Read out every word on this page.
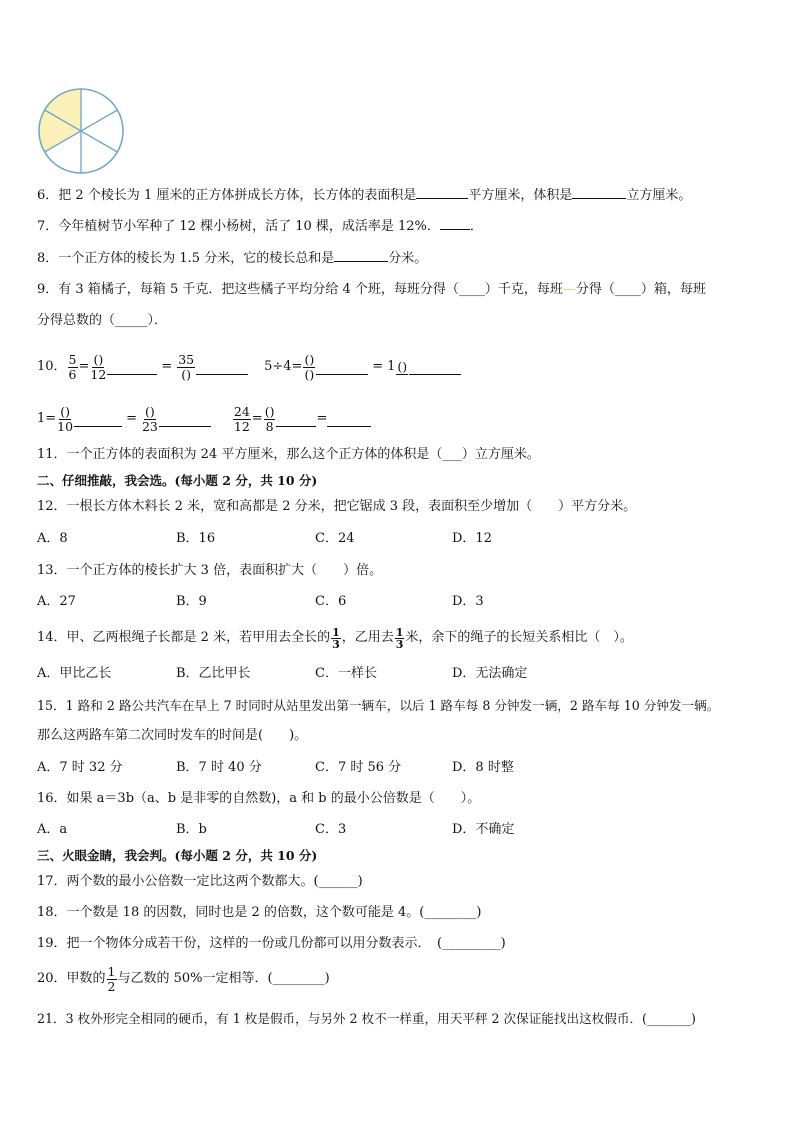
6．把 2 个棱长为 1 厘米的正方体拼成长方体，长方体的表面积是	平方厘米，体积是	立方厘米。
7．今年植树节小军种了 12 棵小杨树，活了 10 棵，成活率是 12%． ．
8．一个正方体的棱长为 1.5 分米，它的棱长总和是	分米。
9．有 3 箱橘子，每箱 5 千克．把这些橘子平均分给 4 个班，每班分得（____）千克，每班—分得（____）箱，每班
分得总数的（_____）．
10． $\frac{5}{6} = \frac{()}{12}$	= $\frac{35}{()}$	$5\div 4= \frac{()}{()}$	= 1 ()
$1= \frac{()}{10}$	= $\frac{()}{23}$	$\frac{24}{12} = \frac{()}{8}$	=
11．一个正方体的表面积为 24 平方厘米，那么这个正方体的体积是（___）立方厘米。
二、仔细推敲，我会选。(每小题 2 分，共 10 分)
12．一根长方体木料长 2 米，宽和高都是 2 分米，把它锯成 3 段，表面积至少增加（　　）平方分米。
A．8	B．16	C．24	D．12
13．一个正方体的棱长扩大 3 倍，表面积扩大（　　）倍。
A．27	B．9	C．6	D．3
14．甲、乙两根绳子长都是 2 米，若甲用去全长的 $\frac{1}{3}$ ，乙用去 $\frac{1}{3}$ 米，余下的绳子的长短关系相比（　）。
A．甲比乙长	B．乙比甲长	C．一样长	D．无法确定
15．1 路和 2 路公共汽车在早上 7 时同时从站里发出第一辆车，以后 1 路车每 8 分钟发一辆，2 路车每 10 分钟发一辆。
那么这两路车第二次同时发车的时间是(　　)。
A．7 时 32 分	B．7 时 40 分	C．7 时 56 分	D．8 时整
16．如果 a＝3b（a、b 是非零的自然数)，a 和 b 的最小公倍数是（　　）。
A．a	B．b	C．3	D．不确定
三、火眼金睛，我会判。(每小题 2 分，共 10 分)
17．两个数的最小公倍数一定比这两个数都大。(______)
18．一个数是 18 的因数，同时也是 2 的倍数，这个数可能是 4。(________)
19．把一个物体分成若干份，这样的一份或几份都可以用分数表示．　(_________)
20．甲数的 $\frac{1}{2}$ 与乙数的 50%一定相等．(________)
21．3 枚外形完全相同的硬币，有 1 枚是假币，与另外 2 枚不一样重，用天平秤 2 次保证能找出这枚假币．(_______)
